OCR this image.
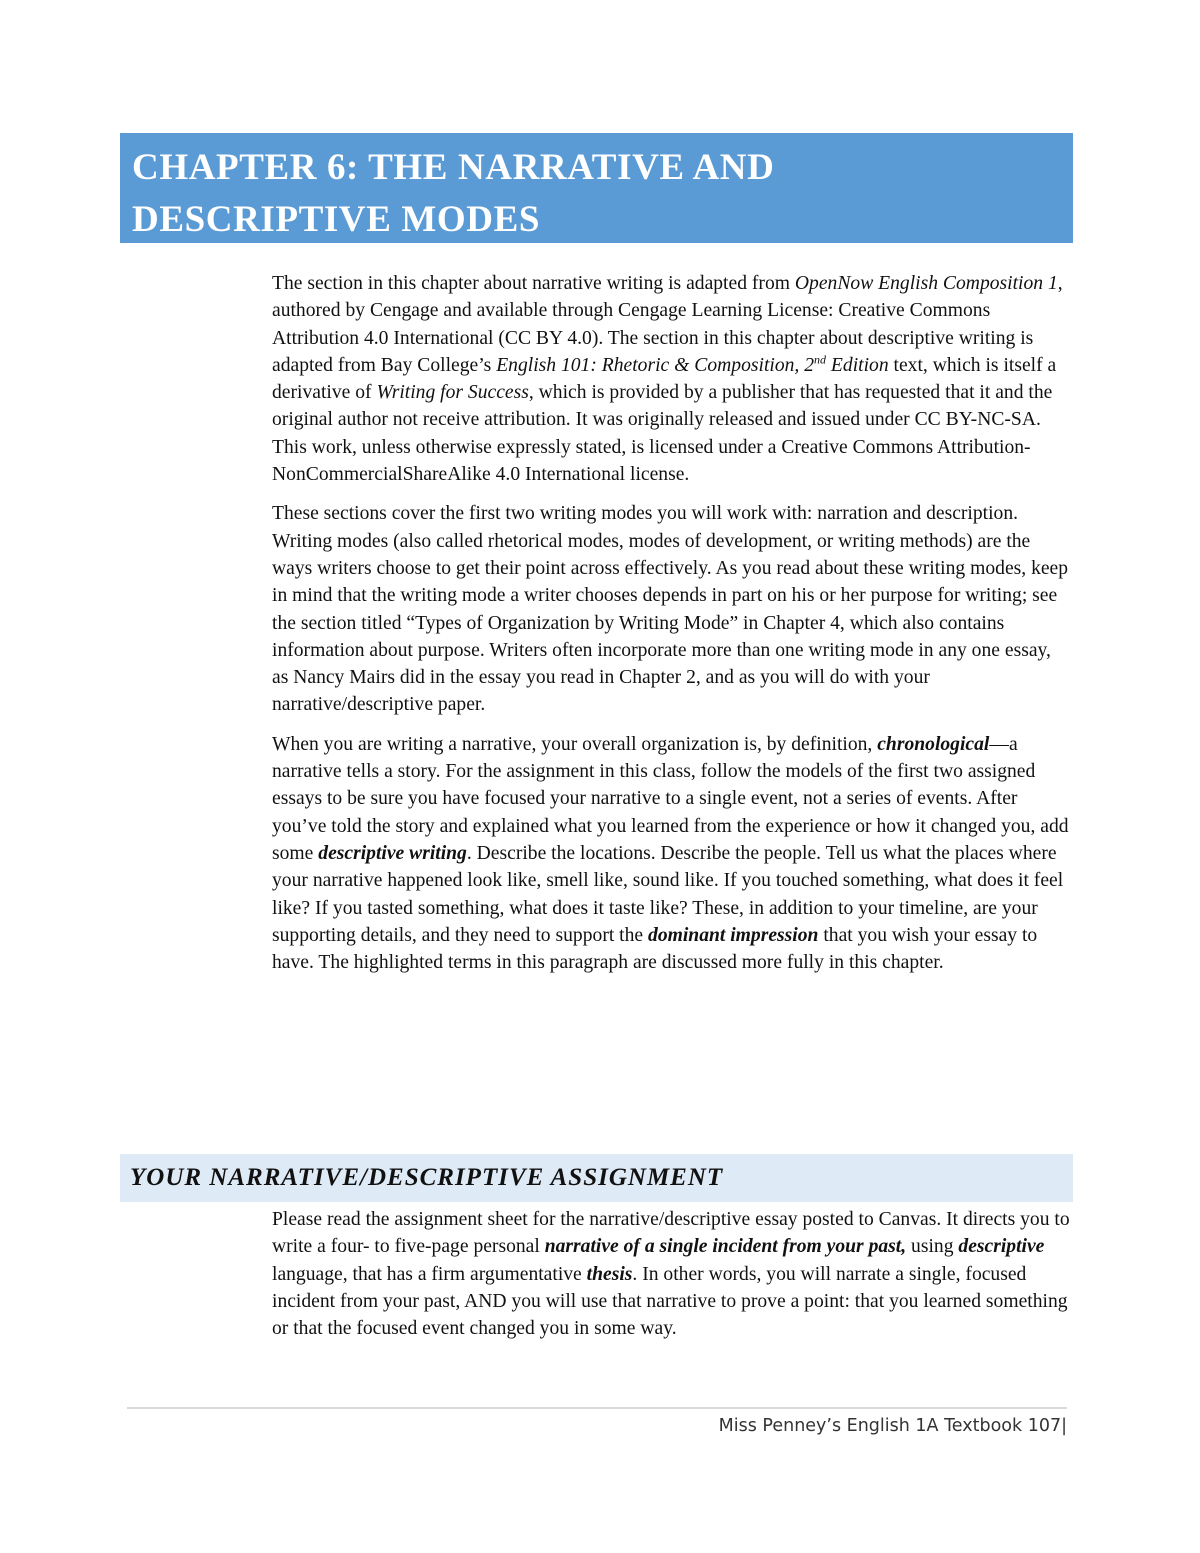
CHAPTER 6: THE NARRATIVE AND
DESCRIPTIVE MODES

The section in this chapter about narrative writing is adapted from OpenNow English Composition 1, authored by Cengage and available through Cengage Learning License: Creative Commons Attribution 4.0 International (CC BY 4.0). The section in this chapter about descriptive writing is adapted from Bay College’s English 101: Rhetoric & Composition, 2nd Edition text, which is itself a derivative of Writing for Success, which is provided by a publisher that has requested that it and the original author not receive attribution. It was originally released and issued under CC BY-NC-SA. This work, unless otherwise expressly stated, is licensed under a Creative Commons Attribution-NonCommercialShareAlike 4.0 International license.

These sections cover the first two writing modes you will work with: narration and description. Writing modes (also called rhetorical modes, modes of development, or writing methods) are the ways writers choose to get their point across effectively. As you read about these writing modes, keep in mind that the writing mode a writer chooses depends in part on his or her purpose for writing; see the section titled “Types of Organization by Writing Mode” in Chapter 4, which also contains information about purpose. Writers often incorporate more than one writing mode in any one essay, as Nancy Mairs did in the essay you read in Chapter 2, and as you will do with your narrative/descriptive paper.

When you are writing a narrative, your overall organization is, by definition, chronological—a narrative tells a story. For the assignment in this class, follow the models of the first two assigned essays to be sure you have focused your narrative to a single event, not a series of events. After you’ve told the story and explained what you learned from the experience or how it changed you, add some descriptive writing. Describe the locations. Describe the people. Tell us what the places where your narrative happened look like, smell like, sound like. If you touched something, what does it feel like? If you tasted something, what does it taste like? These, in addition to your timeline, are your supporting details, and they need to support the dominant impression that you wish your essay to have. The highlighted terms in this paragraph are discussed more fully in this chapter.

YOUR NARRATIVE/DESCRIPTIVE ASSIGNMENT

Please read the assignment sheet for the narrative/descriptive essay posted to Canvas. It directs you to write a four- to five-page personal narrative of a single incident from your past, using descriptive language, that has a firm argumentative thesis. In other words, you will narrate a single, focused incident from your past, AND you will use that narrative to prove a point: that you learned something or that the focused event changed you in some way.

Miss Penney’s English 1A Textbook 107|
